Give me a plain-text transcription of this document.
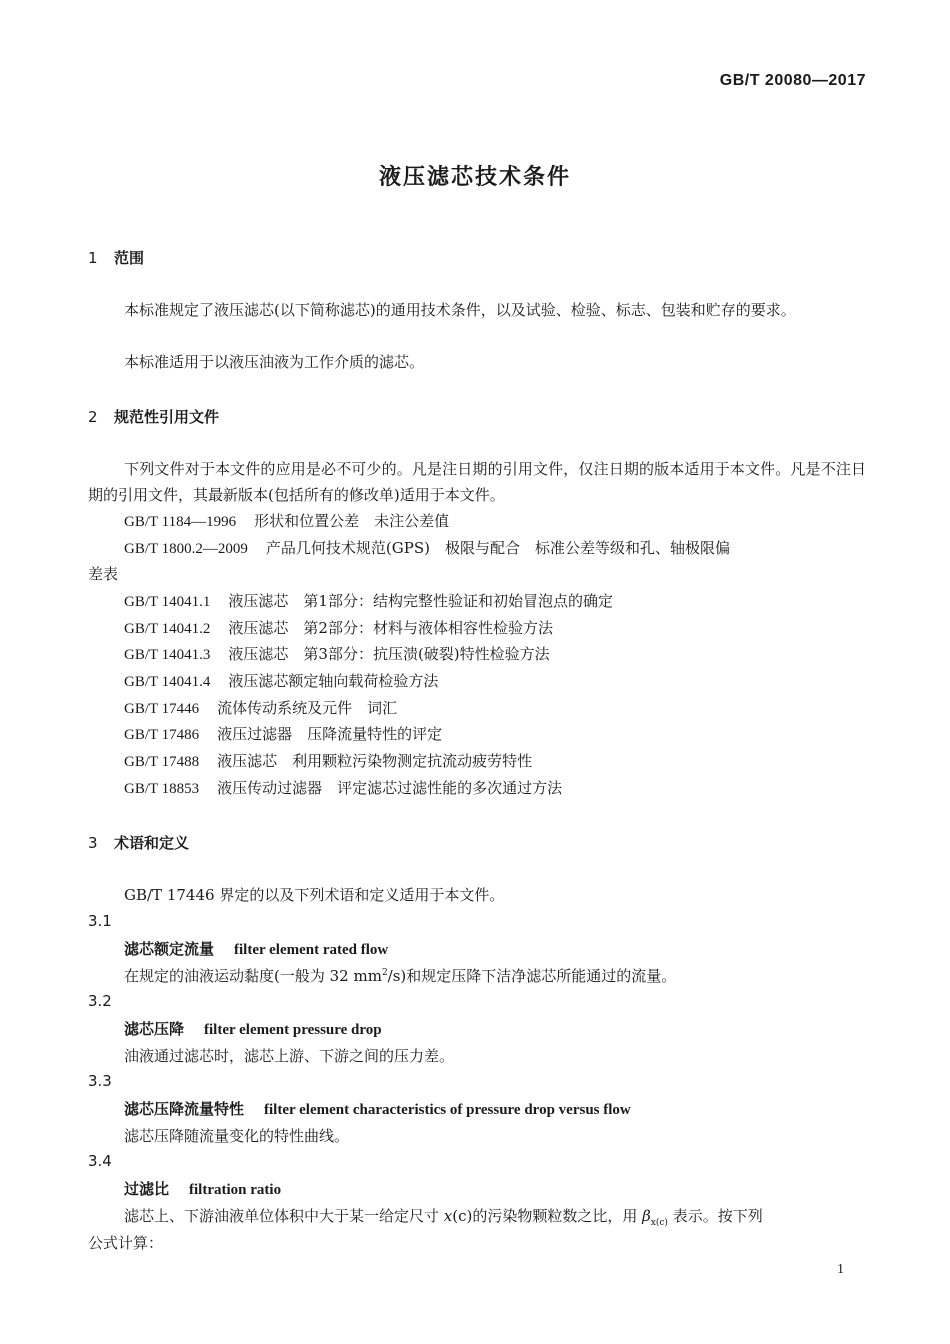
GB/T 20080—2017
液压滤芯技术条件
1 范围
本标准规定了液压滤芯(以下简称滤芯)的通用技术条件，以及试验、检验、标志、包装和贮存的要求。
本标准适用于以液压油液为工作介质的滤芯。
2 规范性引用文件
下列文件对于本文件的应用是必不可少的。凡是注日期的引用文件，仅注日期的版本适用于本文件。凡是不注日期的引用文件，其最新版本(包括所有的修改单)适用于本文件。
GB/T 1184—1996 形状和位置公差　未注公差值
GB/T 1800.2—2009 产品几何技术规范(GPS)　极限与配合　标准公差等级和孔、轴极限偏
差表
GB/T 14041.1 液压滤芯　第1部分：结构完整性验证和初始冒泡点的确定
GB/T 14041.2 液压滤芯　第2部分：材料与液体相容性检验方法
GB/T 14041.3 液压滤芯　第3部分：抗压溃(破裂)特性检验方法
GB/T 14041.4 液压滤芯额定轴向载荷检验方法
GB/T 17446 流体传动系统及元件　词汇
GB/T 17486 液压过滤器　压降流量特性的评定
GB/T 17488 液压滤芯　利用颗粒污染物测定抗流动疲劳特性
GB/T 18853 液压传动过滤器　评定滤芯过滤性能的多次通过方法
3 术语和定义
GB/T 17446 界定的以及下列术语和定义适用于本文件。
3.1
滤芯额定流量 filter element rated flow
在规定的油液运动黏度(一般为 32 $mm^2/s$)和规定压降下洁净滤芯所能通过的流量。
3.2
滤芯压降 filter element pressure drop
油液通过滤芯时，滤芯上游、下游之间的压力差。
3.3
滤芯压降流量特性 filter element characteristics of pressure drop versus flow
滤芯压降随流量变化的特性曲线。
3.4
过滤比 filtration ratio
滤芯上、下游油液单位体积中大于某一给定尺寸 x(c)的污染物颗粒数之比，用 $\beta_{x(c)}$ 表示。按下列
公式计算：
1
